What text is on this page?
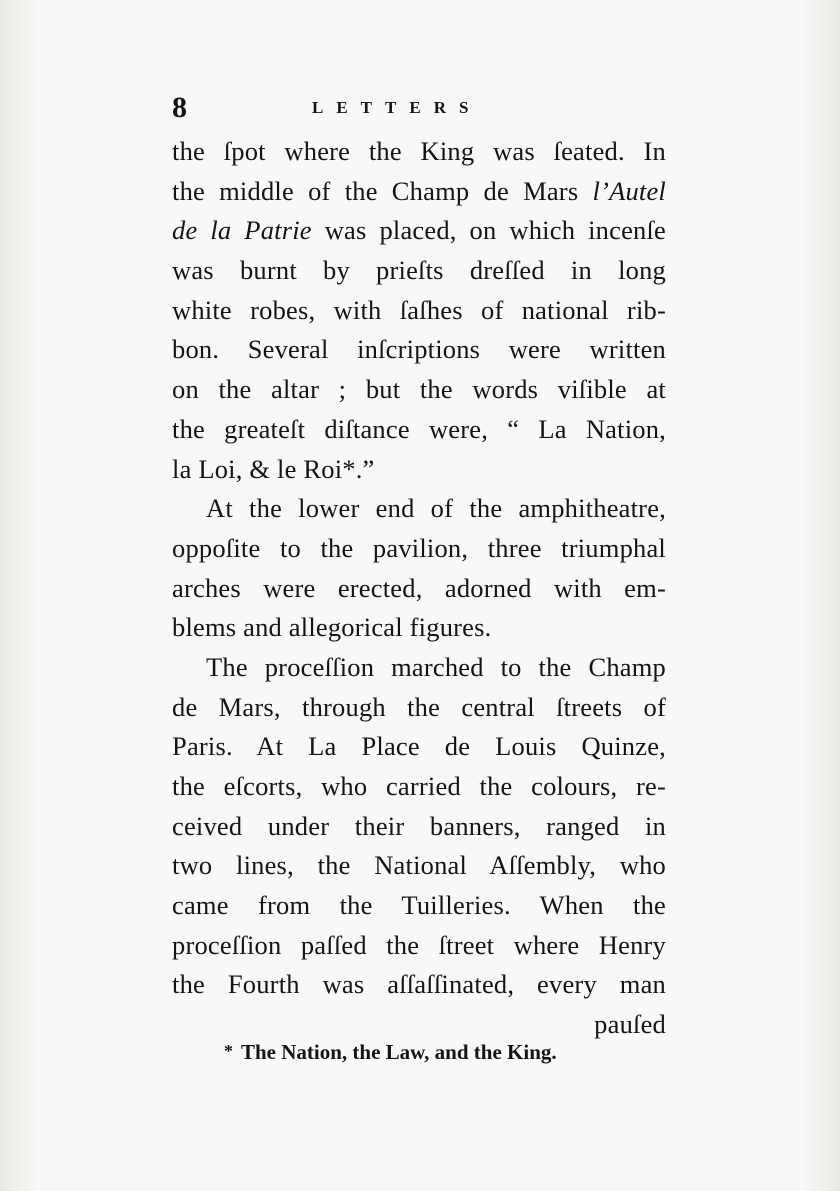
8	LETTERS
the ſpot where the King was ſeated. In
the middle of the Champ de Mars l’Autel
de la Patrie was placed, on which incenſe
was burnt by prieſts dreſſed in long
white robes, with ſaſhes of national rib-
bon. Several inſcriptions were written
on the altar ; but the words viſible at
the greateſt diſtance were, “ La Nation,
la Loi, & le Roi*.”
At the lower end of the amphitheatre,
oppoſite to the pavilion, three triumphal
arches were erected, adorned with em-
blems and allegorical figures.
The proceſſion marched to the Champ
de Mars, through the central ſtreets of
Paris. At La Place de Louis Quinze,
the eſcorts, who carried the colours, re-
ceived under their banners, ranged in
two lines, the National Aſſembly, who
came from the Tuilleries. When the
proceſſion paſſed the ſtreet where Henry
the Fourth was aſſaſſinated, every man
pauſed
* The Nation, the Law, and the King.
